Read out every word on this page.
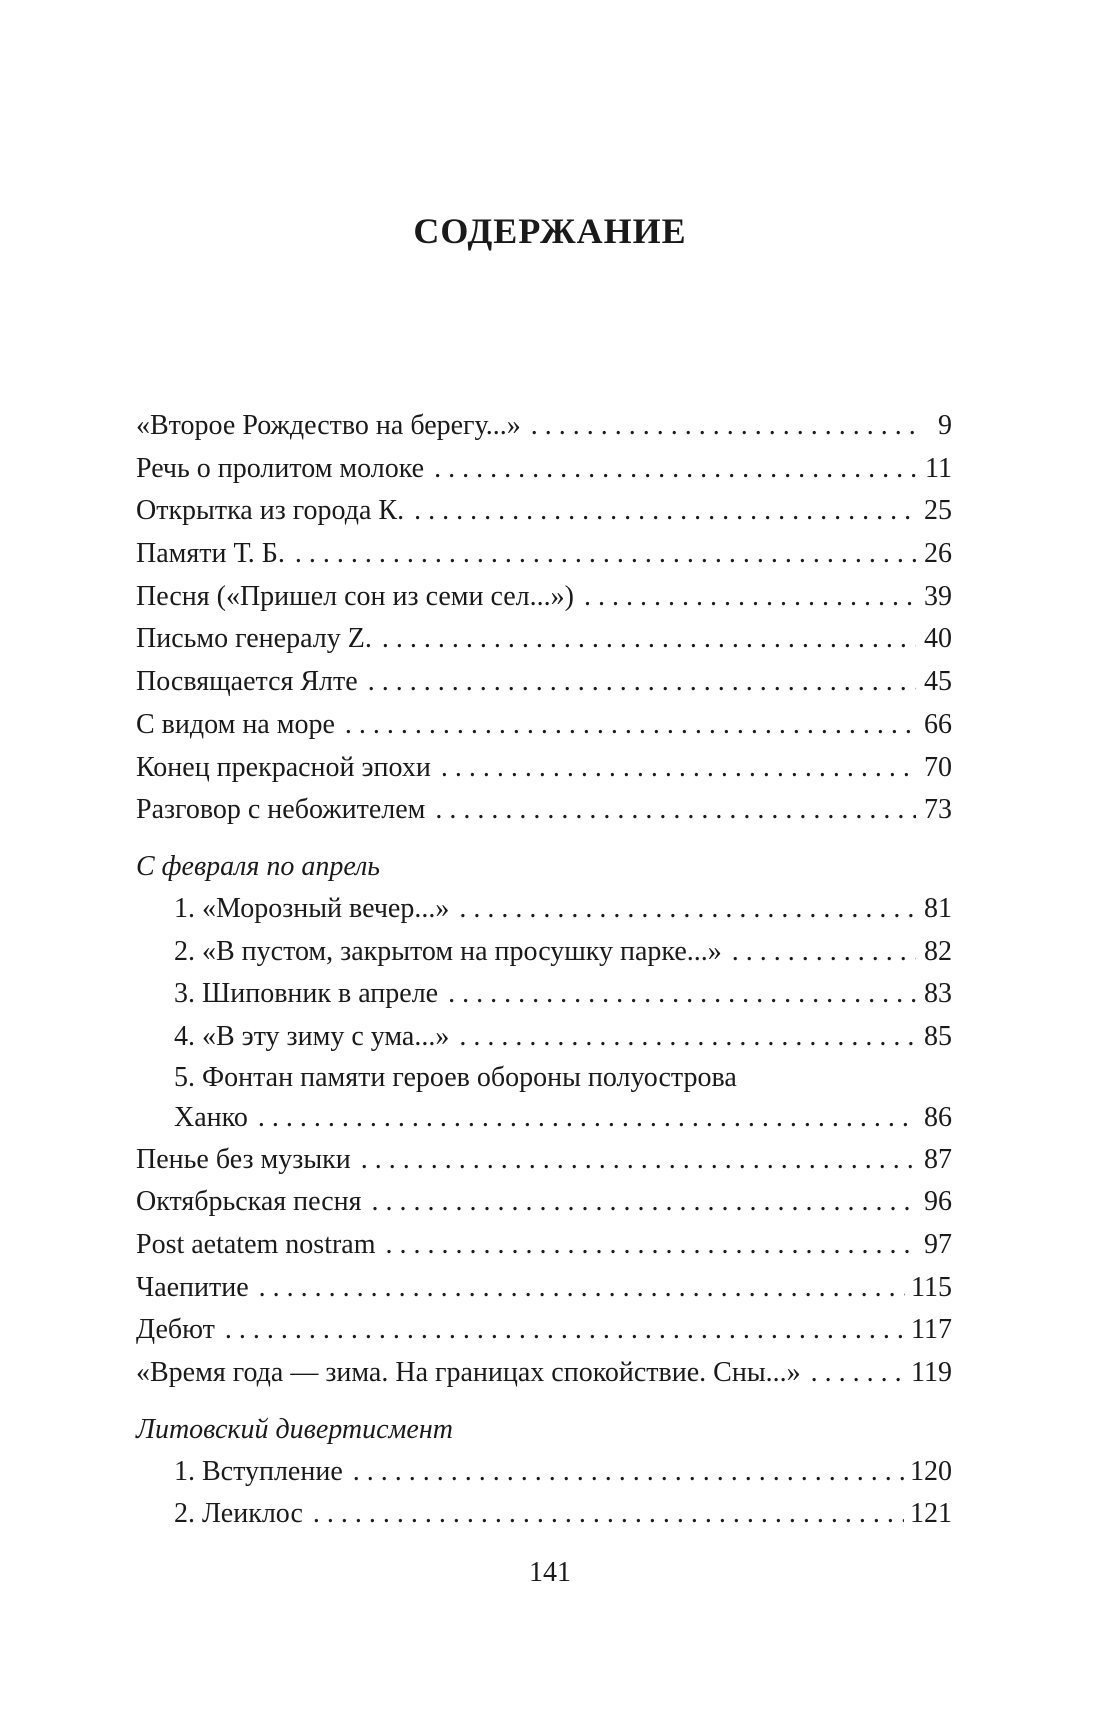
СОДЕРЖАНИЕ
«Второе Рождество на берегу...» . . .	9
Речь о пролитом молоке . . .	11
Открытка из города К. . . .	25
Памяти Т. Б. . . .	26
Песня («Пришел сон из семи сел...») . . .	39
Письмо генералу Z. . . .	40
Посвящается Ялте . . .	45
С видом на море . . .	66
Конец прекрасной эпохи . . .	70
Разговор с небожителем . . .	73
С февраля по апрель
1. «Морозный вечер...» . . .	81
2. «В пустом, закрытом на просушку парке...» . . .	82
3. Шиповник в апреле . . .	83
4. «В эту зиму с ума...» . . .	85
5. Фонтан памяти героев обороны полуострова
Ханко . . .	86
Пенье без музыки . . .	87
Октябрьская песня . . .	96
Post aetatem nostram . . .	97
Чаепитие . . .	115
Дебют . . .	117
«Время года — зима. На границах спокойствие. Сны...» . . .	119
Литовский дивертисмент
1. Вступление . . .	120
2. Леиклос . . .	121
141
